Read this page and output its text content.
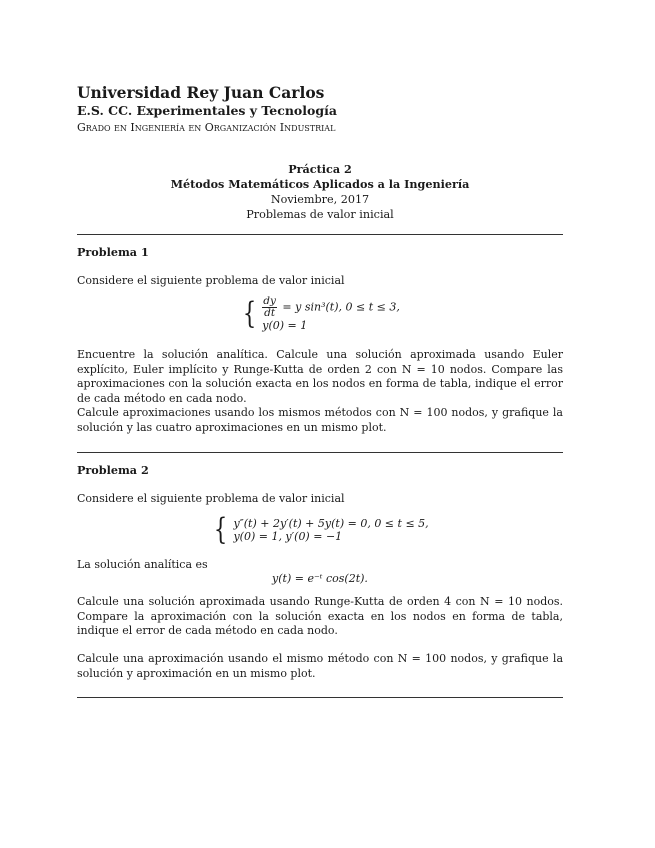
Universidad Rey Juan Carlos
E.S. CC. Experimentales y Tecnología
Grado en Ingeniería en Organización Industrial
Práctica 2
Métodos Matemáticos Aplicados a la Ingeniería
Noviembre, 2017
Problemas de valor inicial
Problema 1
Considere el siguiente problema de valor inicial
{ $\frac{dy}{dt} = y$ sin³(t), 0 ≤ t ≤ 3,
y(0) = 1

Encuentre la solución analítica. Calcule una solución aproximada usando Euler explícito, Euler implícito y Runge-Kutta de orden 2 con N = 10 nodos. Compare las aproximaciones con la solución exacta en los nodos en forma de tabla, indique el error de cada método en cada nodo.

Calcule aproximaciones usando los mismos métodos con N = 100 nodos, y grafique la solución y las cuatro aproximaciones en un mismo plot.

Problema 2
Considere el siguiente problema de valor inicial
{ y″(t) + 2y′(t) + 5y(t) = 0, 0 ≤ t ≤ 5,
y(0) = 1, y′(0) = −1
La solución analítica es
y(t) = e⁻ᵗ cos(2t).

Calcule una solución aproximada usando Runge-Kutta de orden 4 con N = 10 nodos. Compare la aproximación con la solución exacta en los nodos en forma de tabla, indique el error de cada método en cada nodo.

Calcule una aproximación usando el mismo método con N = 100 nodos, y grafique la solución y aproximación en un mismo plot.
